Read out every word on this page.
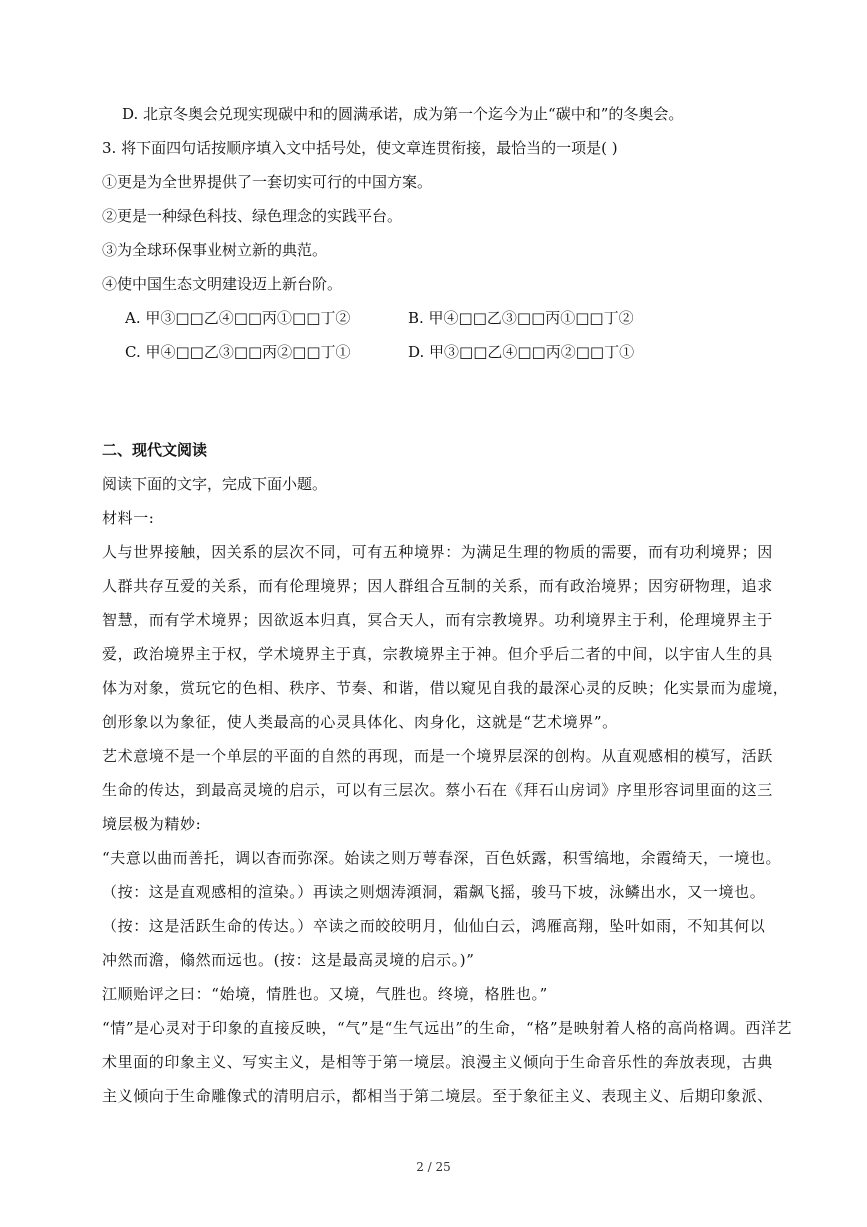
D. 北京冬奥会兑现实现碳中和的圆满承诺，成为第一个迄今为止“碳中和”的冬奥会。
3. 将下面四句话按顺序填入文中括号处，使文章连贯衔接，最恰当的一项是( )
①更是为全世界提供了一套切实可行的中国方案。
②更是一种绿色科技、绿色理念的实践平台。
③为全球环保事业树立新的典范。
④使中国生态文明建设迈上新台阶。
A. 甲③□□乙④□□丙①□□丁②	B. 甲④□□乙③□□丙①□□丁②
C. 甲④□□乙③□□丙②□□丁①	D. 甲③□□乙④□□丙②□□丁①
二、现代文阅读
阅读下面的文字，完成下面小题。
材料一:
人与世界接触，因关系的层次不同，可有五种境界：为满足生理的物质的需要，而有功利境界；因
人群共存互爱的关系，而有伦理境界；因人群组合互制的关系，而有政治境界；因穷研物理，追求
智慧，而有学术境界；因欲返本归真，冥合天人，而有宗教境界。功利境界主于利，伦理境界主于
爱，政治境界主于权，学术境界主于真，宗教境界主于神。但介乎后二者的中间，以宇宙人生的具
体为对象，赏玩它的色相、秩序、节奏、和谐，借以窥见自我的最深心灵的反映；化实景而为虚境，
创形象以为象征，使人类最高的心灵具体化、肉身化，这就是“艺术境界”。
艺术意境不是一个单层的平面的自然的再现，而是一个境界层深的创构。从直观感相的模写，活跃
生命的传达，到最高灵境的启示，可以有三层次。蔡小石在《拜石山房词》序里形容词里面的这三
境层极为精妙:
“夫意以曲而善托，调以杳而弥深。始读之则万萼春深，百色妖露，积雪缟地，余霞绮天，一境也。
（按：这是直观感相的渲染。）再读之则烟涛澒洞，霜飙飞摇，骏马下坡，泳鳞出水，又一境也。
（按：这是活跃生命的传达。）卒读之而皎皎明月，仙仙白云，鸿雁高翔，坠叶如雨，不知其何以
冲然而澹，翛然而远也。(按：这是最高灵境的启示。)”
江顺贻评之曰：“始境，情胜也。又境，气胜也。终境，格胜也。”
“情”是心灵对于印象的直接反映，“气”是“生气远出”的生命，“格”是映射着人格的高尚格调。西洋艺
术里面的印象主义、写实主义，是相等于第一境层。浪漫主义倾向于生命音乐性的奔放表现，古典
主义倾向于生命雕像式的清明启示，都相当于第二境层。至于象征主义、表现主义、后期印象派、
2 / 25
